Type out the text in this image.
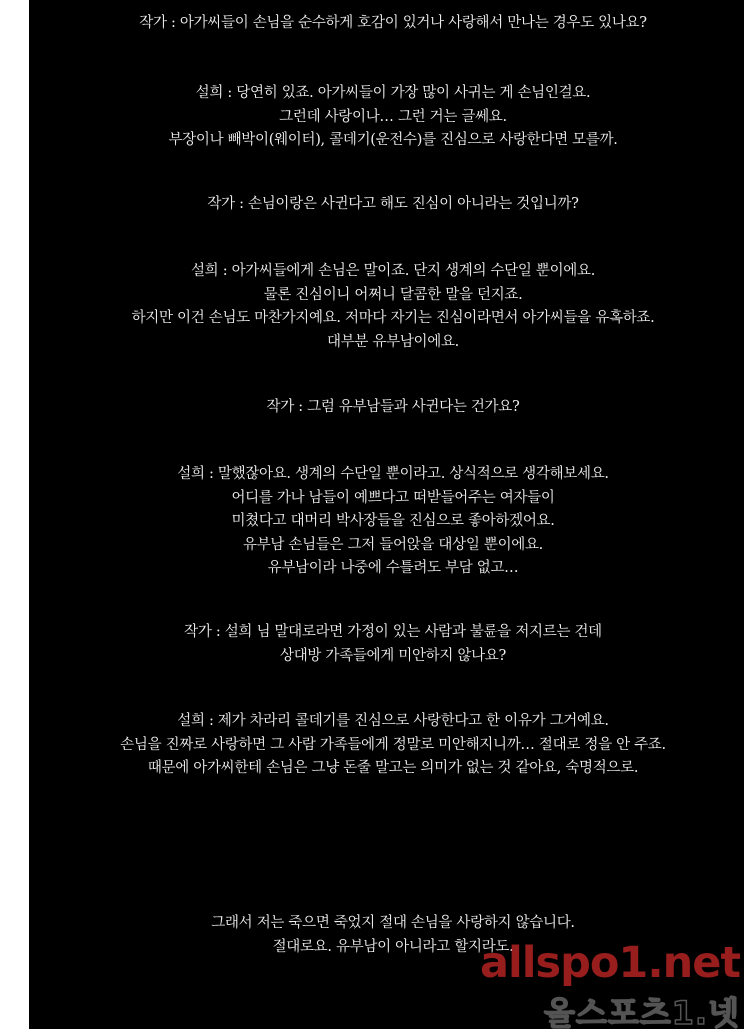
작가 : 아가씨들이 손님을 순수하게 호감이 있거나 사랑해서 만나는 경우도 있나요?
설희 : 당연히 있죠. 아가씨들이 가장 많이 사귀는 게 손님인걸요.
그런데 사랑이나… 그런 거는 글쎄요.
부장이나 빼박이(웨이터), 콜데기(운전수)를 진심으로 사랑한다면 모를까.
작가 : 손님이랑은 사귄다고 해도 진심이 아니라는 것입니까?
설희 : 아가씨들에게 손님은 말이죠. 단지 생계의 수단일 뿐이에요.
물론 진심이니 어쩌니 달콤한 말을 던지죠.
하지만 이건 손님도 마찬가지예요. 저마다 자기는 진심이라면서 아가씨들을 유혹하죠.
대부분 유부남이에요.
작가 : 그럼 유부남들과 사귄다는 건가요?
설희 : 말했잖아요. 생계의 수단일 뿐이라고. 상식적으로 생각해보세요.
어디를 가나 남들이 예쁘다고 떠받들어주는 여자들이
미쳤다고 대머리 박사장들을 진심으로 좋아하겠어요.
유부남 손님들은 그저 들어앉을 대상일 뿐이에요.
유부남이라 나중에 수틀려도 부담 없고…
작가 : 설희 님 말대로라면 가정이 있는 사람과 불륜을 저지르는 건데
상대방 가족들에게 미안하지 않나요?
설희 : 제가 차라리 콜데기를 진심으로 사랑한다고 한 이유가 그거예요.
손님을 진짜로 사랑하면 그 사람 가족들에게 정말로 미안해지니까… 절대로 정을 안 주죠.
때문에 아가씨한테 손님은 그냥 돈줄 말고는 의미가 없는 것 같아요, 숙명적으로.
그래서 저는 죽으면 죽었지 절대 손님을 사랑하지 않습니다.
절대로요. 유부남이 아니라고 할지라도.
allspo1.net
